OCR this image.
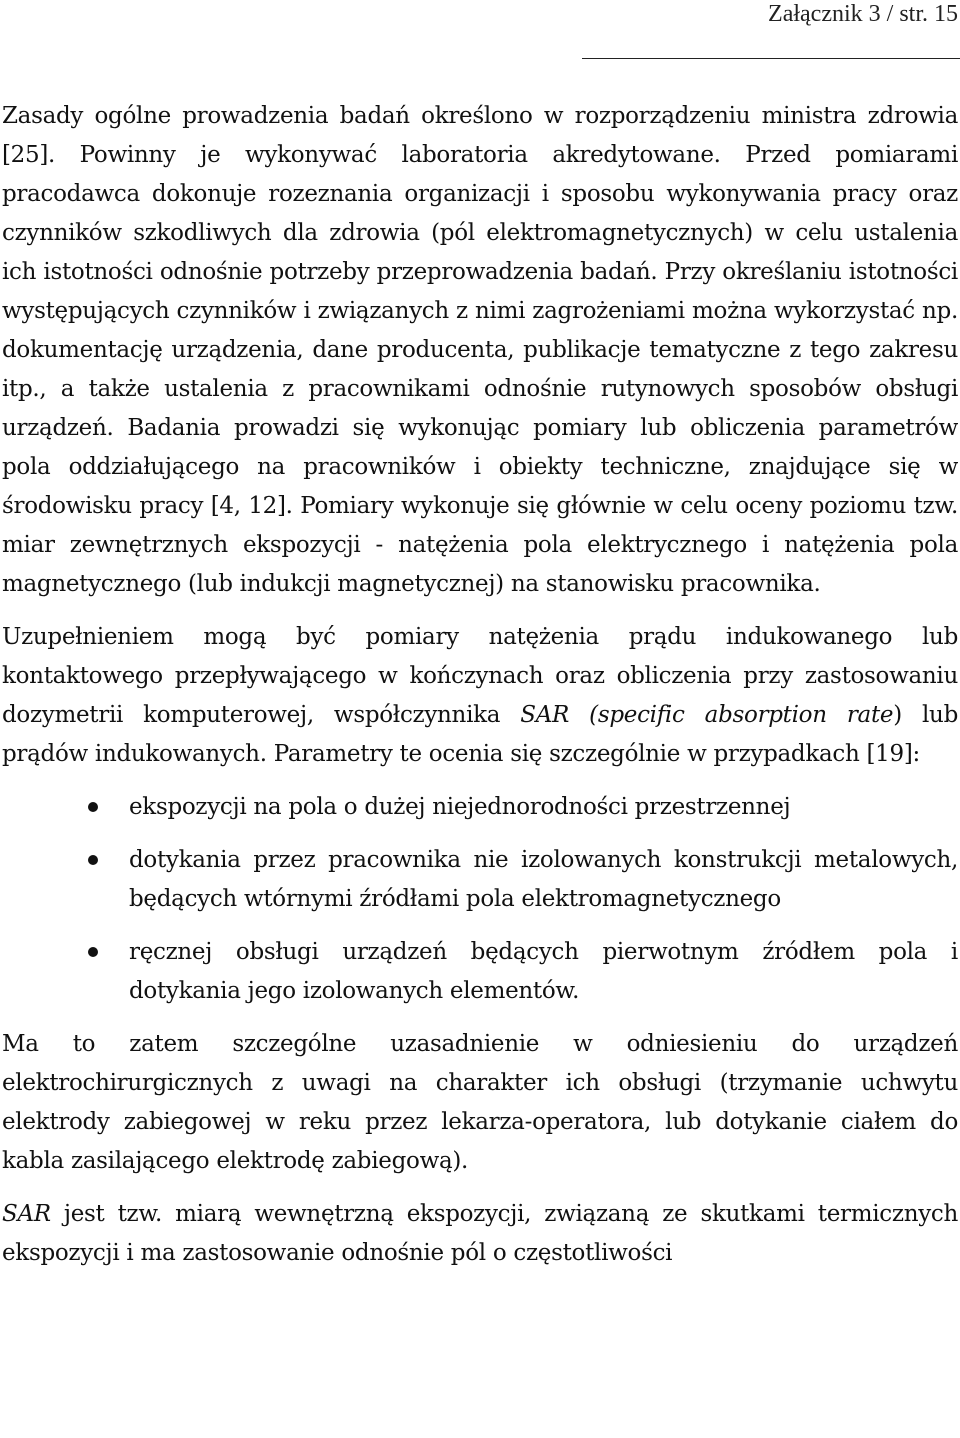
Załącznik 3 / str. 15

Zasady ogólne prowadzenia badań określono w rozporządzeniu ministra zdrowia [25]. Powinny je wykonywać laboratoria akredytowane. Przed pomiarami pracodawca dokonuje rozeznania organizacji i sposobu wykonywania pracy oraz czynników szkodliwych dla zdrowia (pól elektromagnetycznych) w celu ustalenia ich istotności odnośnie potrzeby przeprowadzenia badań. Przy określaniu istotności występujących czynników i związanych z nimi zagrożeniami można wykorzystać np. dokumentację urządzenia, dane producenta, publikacje tematyczne z tego zakresu itp., a także ustalenia z pracownikami odnośnie rutynowych sposobów obsługi urządzeń. Badania prowadzi się wykonując pomiary lub obliczenia parametrów pola oddziałującego na pracowników i obiekty techniczne, znajdujące się w środowisku pracy [4, 12]. Pomiary wykonuje się głównie w celu oceny poziomu tzw. miar zewnętrznych ekspozycji - natężenia pola elektrycznego i natężenia pola magnetycznego (lub indukcji magnetycznej) na stanowisku pracownika.

Uzupełnieniem mogą być pomiary natężenia prądu indukowanego lub kontaktowego przepływającego w kończynach oraz obliczenia przy zastosowaniu dozymetrii komputerowej, współczynnika SAR (specific absorption rate) lub prądów indukowanych. Parametry te ocenia się szczególnie w przypadkach [19]:

ekspozycji na pola o dużej niejednorodności przestrzennej
dotykania przez pracownika nie izolowanych konstrukcji metalowych, będących wtórnymi źródłami pola elektromagnetycznego
ręcznej obsługi urządzeń będących pierwotnym źródłem pola i dotykania jego izolowanych elementów.

Ma to zatem szczególne uzasadnienie w odniesieniu do urządzeń elektrochirurgicznych z uwagi na charakter ich obsługi (trzymanie uchwytu elektrody zabiegowej w reku przez lekarza-operatora, lub dotykanie ciałem do kabla zasilającego elektrodę zabiegową).

SAR jest tzw. miarą wewnętrzną ekspozycji, związaną ze skutkami termicznych ekspozycji i ma zastosowanie odnośnie pól o częstotliwości
